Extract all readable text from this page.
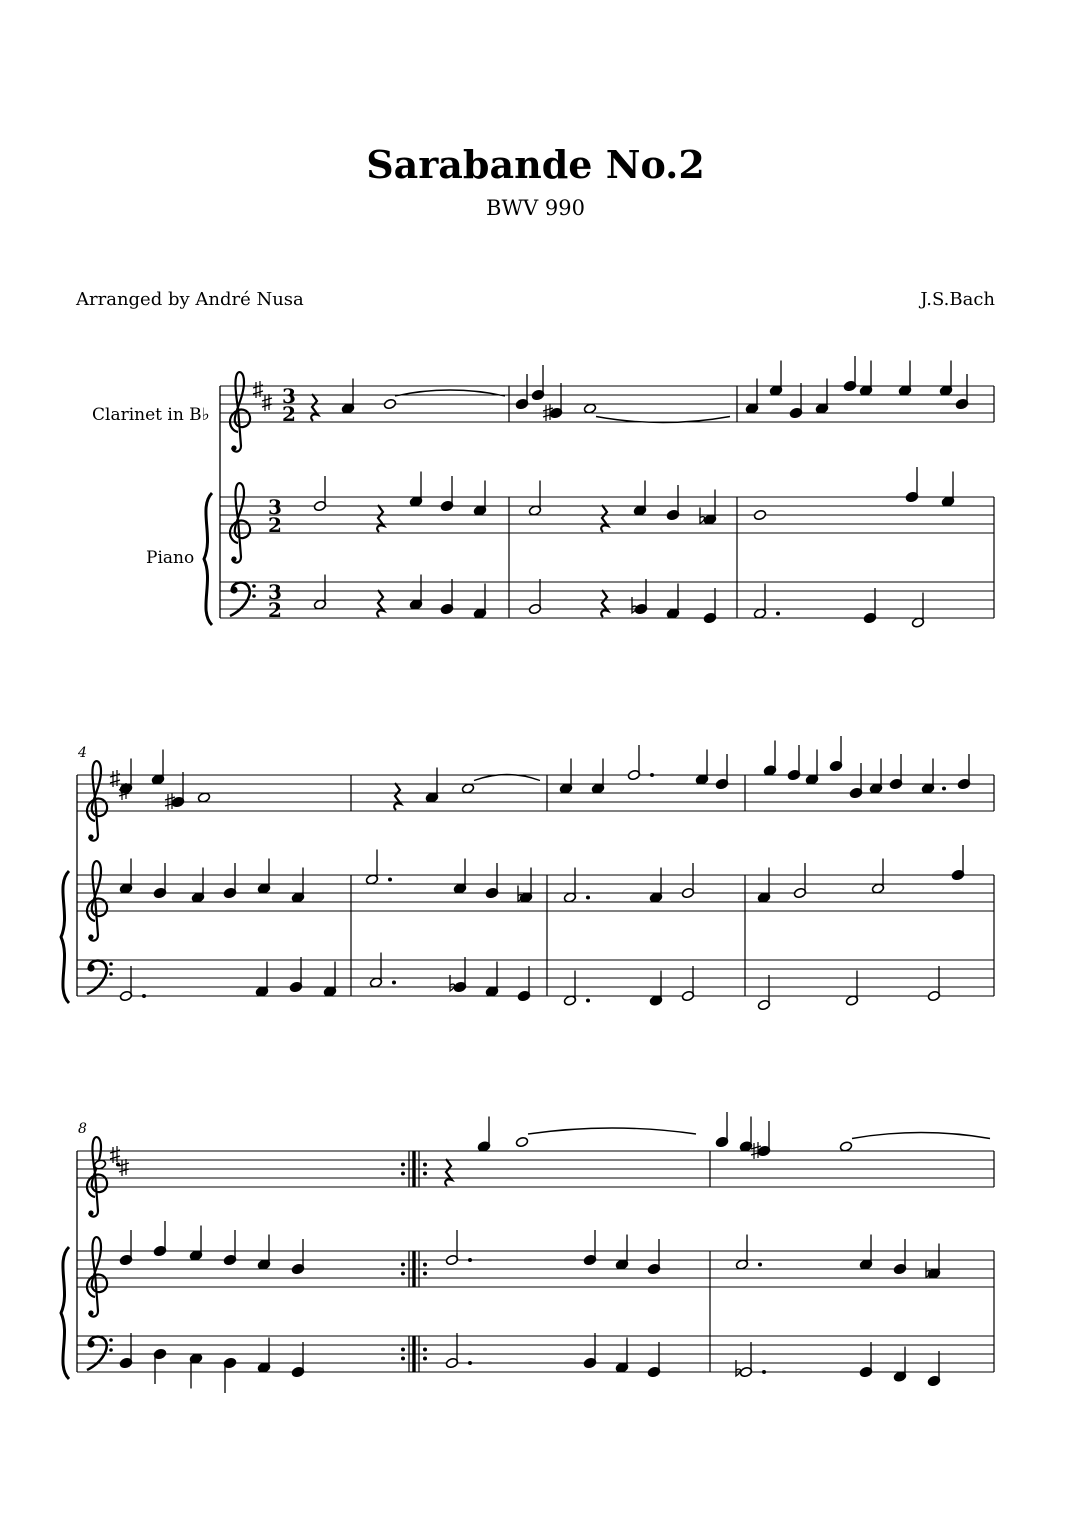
Sarabande No.2
BWV 990
Arranged by André Nusa	J.S.Bach
Clarinet in B♭
Piano
3
2
3
2
3
2
4
8
